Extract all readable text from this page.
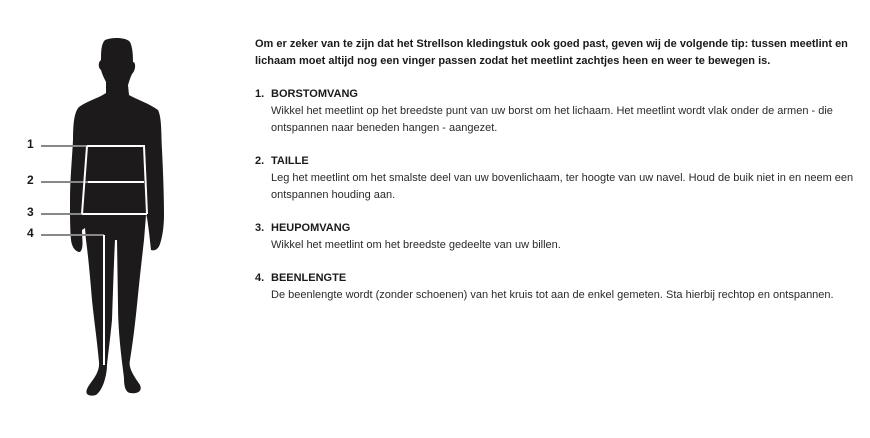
1
2
3
4

Om er zeker van te zijn dat het Strellson kledingstuk ook goed past, geven wij de volgende tip: tussen meetlint en lichaam moet altijd nog een vinger passen zodat het meetlint zachtjes heen en weer te bewegen is.

1. BORSTOMVANG

Wikkel het meetlint op het breedste punt van uw borst om het lichaam. Het meetlint wordt vlak onder de armen - die ontspannen naar beneden hangen - aangezet.

2. TAILLE

Leg het meetlint om het smalste deel van uw bovenlichaam, ter hoogte van uw navel. Houd de buik niet in en neem een ontspannen houding aan.

3. HEUPOMVANG

Wikkel het meetlint om het breedste gedeelte van uw billen.

4. BEENLENGTE

De beenlengte wordt (zonder schoenen) van het kruis tot aan de enkel gemeten. Sta hierbij rechtop en ontspannen.
